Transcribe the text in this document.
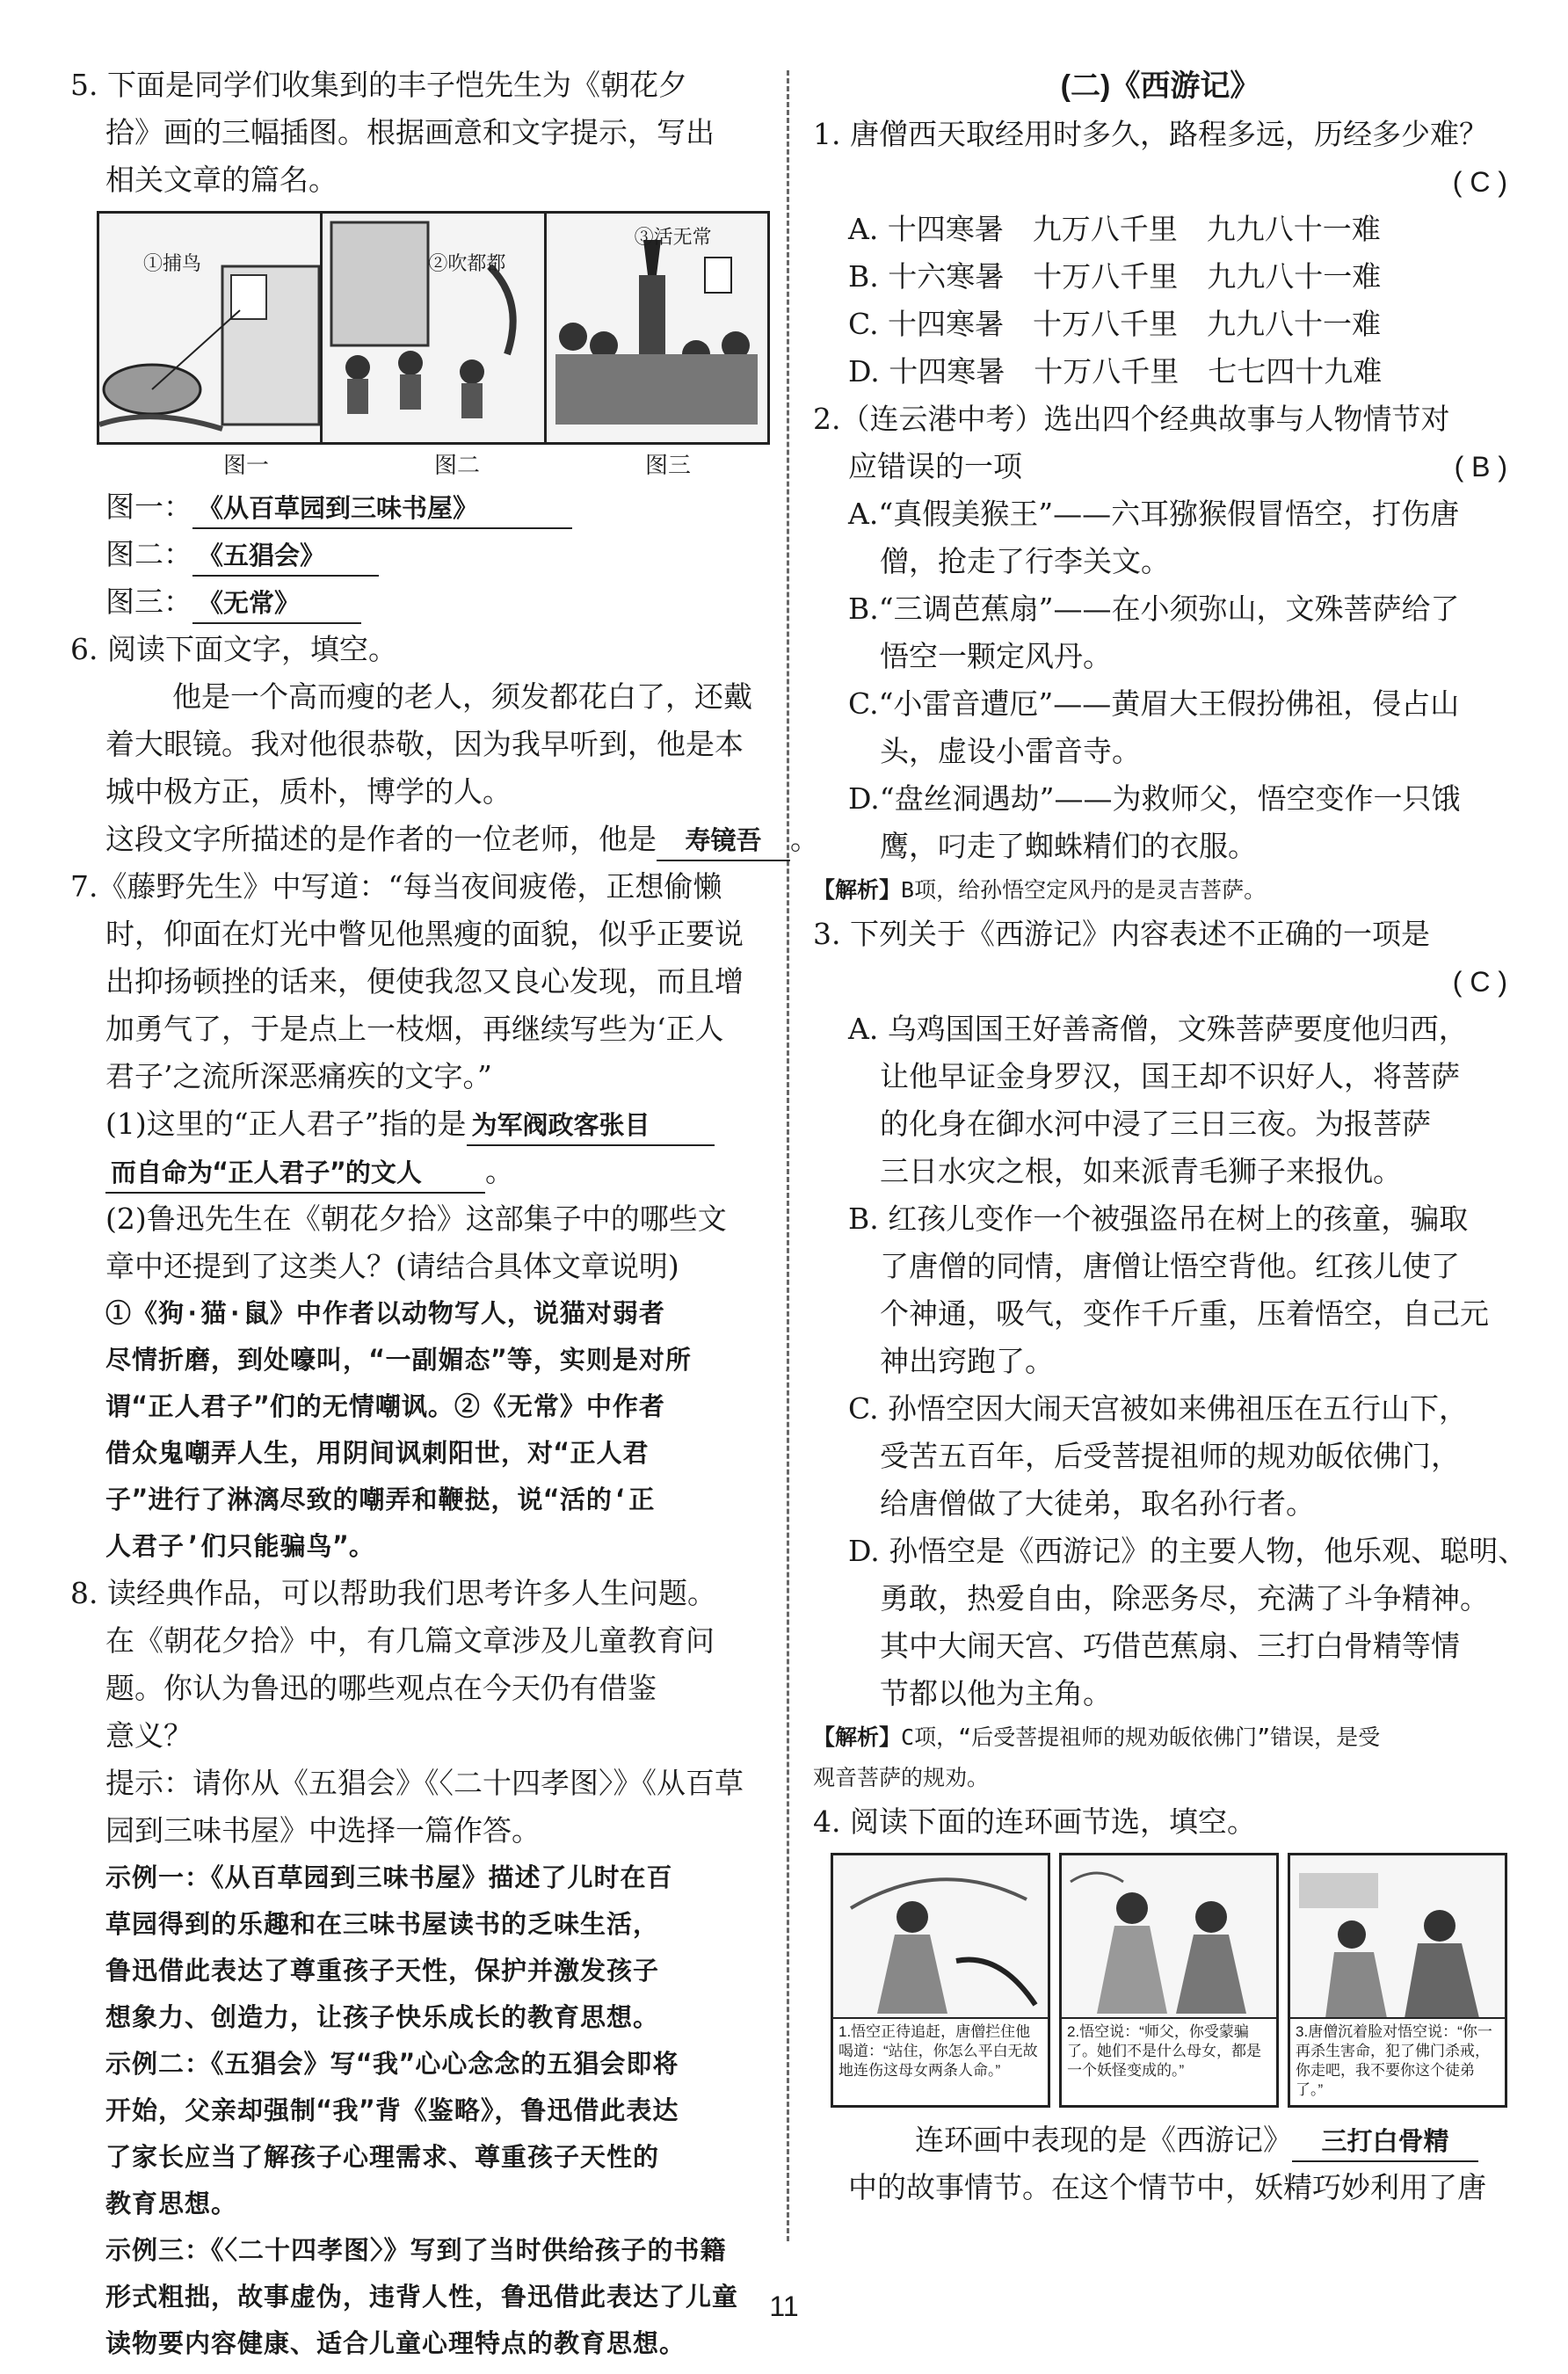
5. 下面是同学们收集到的丰子恺先生为《朝花夕

拾》画的三幅插图。根据画意和文字提示，写出

相关文章的篇名。

①捕鸟	②吹都都
③活无常
图一	图二	图三

图一： 《从百草园到三味书屋》

图二： 《五猖会》

图三： 《无常》

6. 阅读下面文字，填空。

他是一个高而瘦的老人，须发都花白了，还戴

着大眼镜。我对他很恭敬，因为我早听到，他是本

城中极方正，质朴，博学的人。

这段文字所描述的是作者的一位老师，他是 寿镜吾 。

7.《藤野先生》中写道：“每当夜间疲倦，正想偷懒

时，仰面在灯光中瞥见他黑瘦的面貌，似乎正要说

出抑扬顿挫的话来，便使我忽又良心发现，而且增

加勇气了，于是点上一枝烟，再继续写些为‘正人

君子’之流所深恶痛疾的文字。”

(1)这里的“正人君子”指的是 为军阀政客张目

而自命为“正人君子”的文人 。

(2)鲁迅先生在《朝花夕拾》这部集子中的哪些文

章中还提到了这类人？(请结合具体文章说明)

①《狗·猫·鼠》中作者以动物写人，说猫对弱者

尽情折磨，到处嚎叫，“一副媚态”等，实则是对所

谓“正人君子”们的无情嘲讽。②《无常》中作者

借众鬼嘲弄人生，用阴间讽刺阳世，对“正人君

子”进行了淋漓尽致的嘲弄和鞭挞，说“活的‘正

人君子’们只能骗鸟”。

8. 读经典作品，可以帮助我们思考许多人生问题。

在《朝花夕拾》中，有几篇文章涉及儿童教育问

题。你认为鲁迅的哪些观点在今天仍有借鉴

意义？

提示：请你从《五猖会》《〈二十四孝图〉》《从百草

园到三味书屋》中选择一篇作答。

示例一：《从百草园到三味书屋》描述了儿时在百

草园得到的乐趣和在三味书屋读书的乏味生活，

鲁迅借此表达了尊重孩子天性，保护并激发孩子

想象力、创造力，让孩子快乐成长的教育思想。

示例二：《五猖会》写“我”心心念念的五猖会即将

开始，父亲却强制“我”背《鉴略》，鲁迅借此表达

了家长应当了解孩子心理需求、尊重孩子天性的

教育思想。

示例三：《〈二十四孝图〉》写到了当时供给孩子的书籍

形式粗拙，故事虚伪，违背人性，鲁迅借此表达了儿童

读物要内容健康、适合儿童心理特点的教育思想。

(二)《西游记》

1. 唐僧西天取经用时多久，路程多远，历经多少难？

( C )

A. 十四寒暑　九万八千里　九九八十一难

B. 十六寒暑　十万八千里　九九八十一难

C. 十四寒暑　十万八千里　九九八十一难

D. 十四寒暑　十万八千里　七七四十九难

2.（连云港中考）选出四个经典故事与人物情节对

应错误的一项	( B )

A.“真假美猴王”——六耳猕猴假冒悟空，打伤唐

僧，抢走了行李关文。

B.“三调芭蕉扇”——在小须弥山，文殊菩萨给了

悟空一颗定风丹。

C.“小雷音遭厄”——黄眉大王假扮佛祖，侵占山

头，虚设小雷音寺。

D.“盘丝洞遇劫”——为救师父，悟空变作一只饿

鹰，叼走了蜘蛛精们的衣服。

【解析】B项，给孙悟空定风丹的是灵吉菩萨。

3. 下列关于《西游记》内容表述不正确的一项是

( C )

A. 乌鸡国国王好善斋僧，文殊菩萨要度他归西，

让他早证金身罗汉，国王却不识好人，将菩萨

的化身在御水河中浸了三日三夜。为报菩萨

三日水灾之根，如来派青毛狮子来报仇。

B. 红孩儿变作一个被强盗吊在树上的孩童，骗取

了唐僧的同情，唐僧让悟空背他。红孩儿使了

个神通，吸气，变作千斤重，压着悟空，自己元

神出窍跑了。

C. 孙悟空因大闹天宫被如来佛祖压在五行山下，

受苦五百年，后受菩提祖师的规劝皈依佛门，

给唐僧做了大徒弟，取名孙行者。

D. 孙悟空是《西游记》的主要人物，他乐观、聪明、

勇敢，热爱自由，除恶务尽，充满了斗争精神。

其中大闹天宫、巧借芭蕉扇、三打白骨精等情

节都以他为主角。

【解析】C项，“后受菩提祖师的规劝皈依佛门”错误，是受

观音菩萨的规劝。

4. 阅读下面的连环画节选，填空。

1.悟空正待追赶，唐僧拦住他喝道：“站住，你怎么平白无故地连伤这母女两条人命。”
2.悟空说：“师父，你受蒙骗了。她们不是什么母女，都是一个妖怪变成的。”
3.唐僧沉着脸对悟空说：“你一再杀生害命，犯了佛门杀戒，你走吧，我不要你这个徒弟了。”

连环画中表现的是《西游记》 三打白骨精

中的故事情节。在这个情节中，妖精巧妙利用了唐

11
